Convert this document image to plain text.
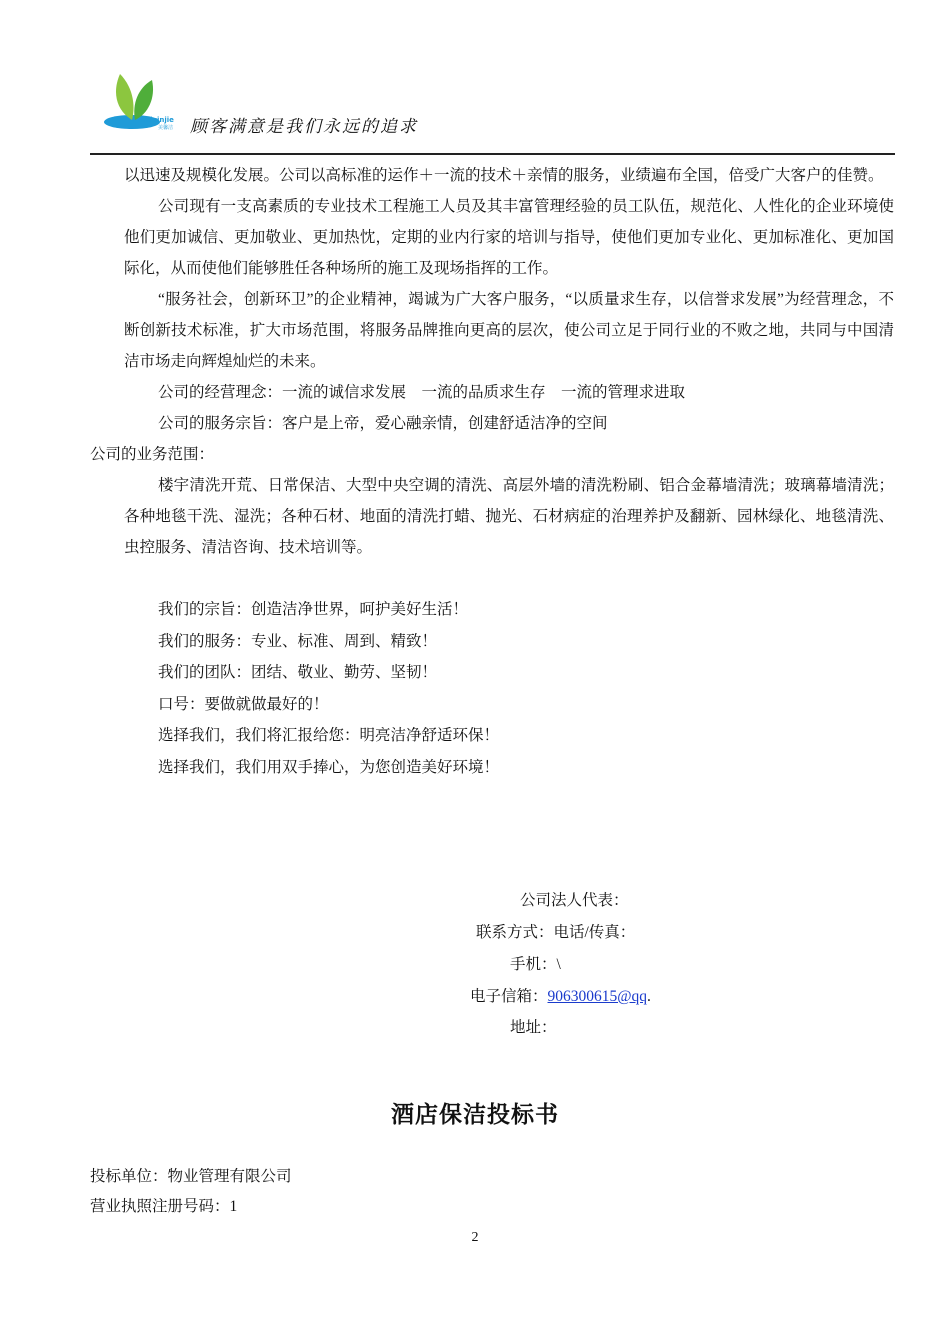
meixinjie
美馨洁 顾客满意是我们永远的追求

以迅速及规模化发展。公司以高标准的运作＋一流的技术＋亲情的服务，业绩遍布全国，倍受广大客户的佳赞。

公司现有一支高素质的专业技术工程施工人员及其丰富管理经验的员工队伍，规范化、人性化的企业环境使他们更加诚信、更加敬业、更加热忱，定期的业内行家的培训与指导，使他们更加专业化、更加标准化、更加国际化，从而使他们能够胜任各种场所的施工及现场指挥的工作。

“服务社会，创新环卫”的企业精神，竭诚为广大客户服务，“以质量求生存，以信誉求发展”为经营理念，不断创新技术标准，扩大市场范围，将服务品牌推向更高的层次，使公司立足于同行业的不败之地，共同与中国清洁市场走向辉煌灿烂的未来。

公司的经营理念：一流的诚信求发展　一流的品质求生存　一流的管理求进取

公司的服务宗旨：客户是上帝，爱心融亲情，创建舒适洁净的空间

公司的业务范围：

楼宇清洗开荒、日常保洁、大型中央空调的清洗、高层外墙的清洗粉刷、铝合金幕墙清洗；玻璃幕墙清洗；各种地毯干洗、湿洗；各种石材、地面的清洗打蜡、抛光、石材病症的治理养护及翻新、园林绿化、地毯清洗、虫控服务、清洁咨询、技术培训等。

我们的宗旨：创造洁净世界，呵护美好生活！

我们的服务：专业、标准、周到、精致！

我们的团队：团结、敬业、勤劳、坚韧！

口号：要做就做最好的！

选择我们，我们将汇报给您：明亮洁净舒适环保！

选择我们，我们用双手捧心，为您创造美好环境！

公司法人代表：
联系方式：电话/传真：
手机：\
电子信箱：906300615@qq.
地址：
酒店保洁投标书
投标单位：物业管理有限公司
营业执照注册号码：1
2
